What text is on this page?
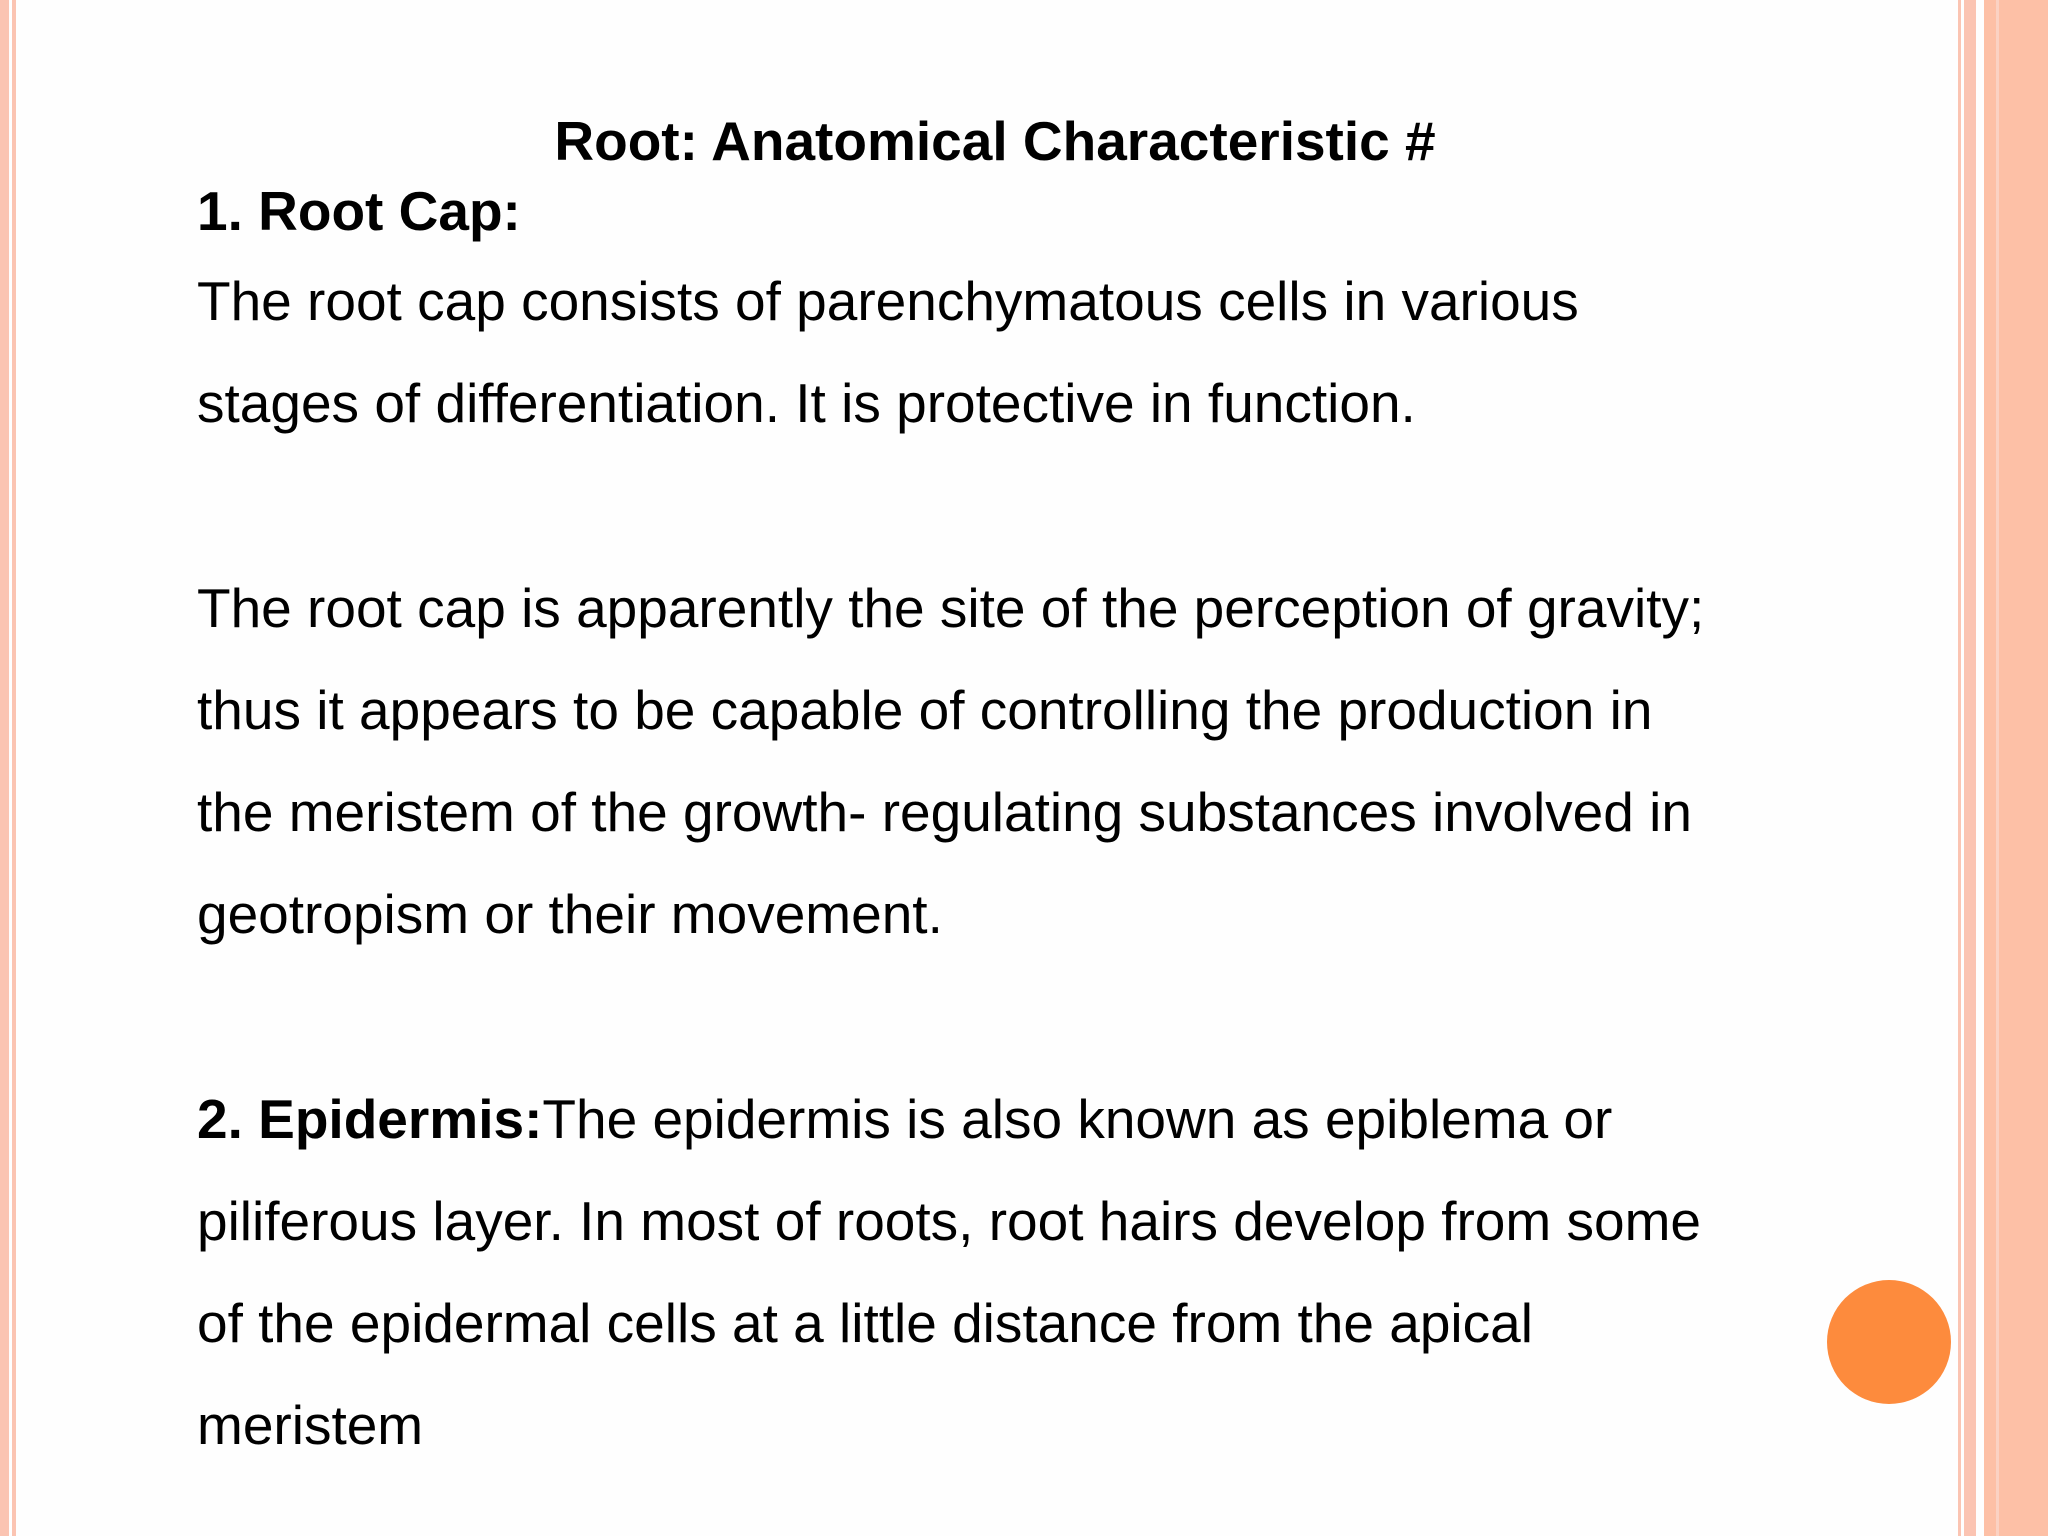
Root: Anatomical Characteristic #
1. Root Cap:
The root cap consists of parenchymatous cells in various
stages of differentiation. It is protective in function.
The root cap is apparently the site of the perception of gravity;
thus it appears to be capable of controlling the production in
the meristem of the growth- regulating substances involved in
geotropism or their movement.
2. Epidermis:The epidermis is also known as epiblema or
piliferous layer. In most of roots, root hairs develop from some
of the epidermal cells at a little distance from the apical
meristem
